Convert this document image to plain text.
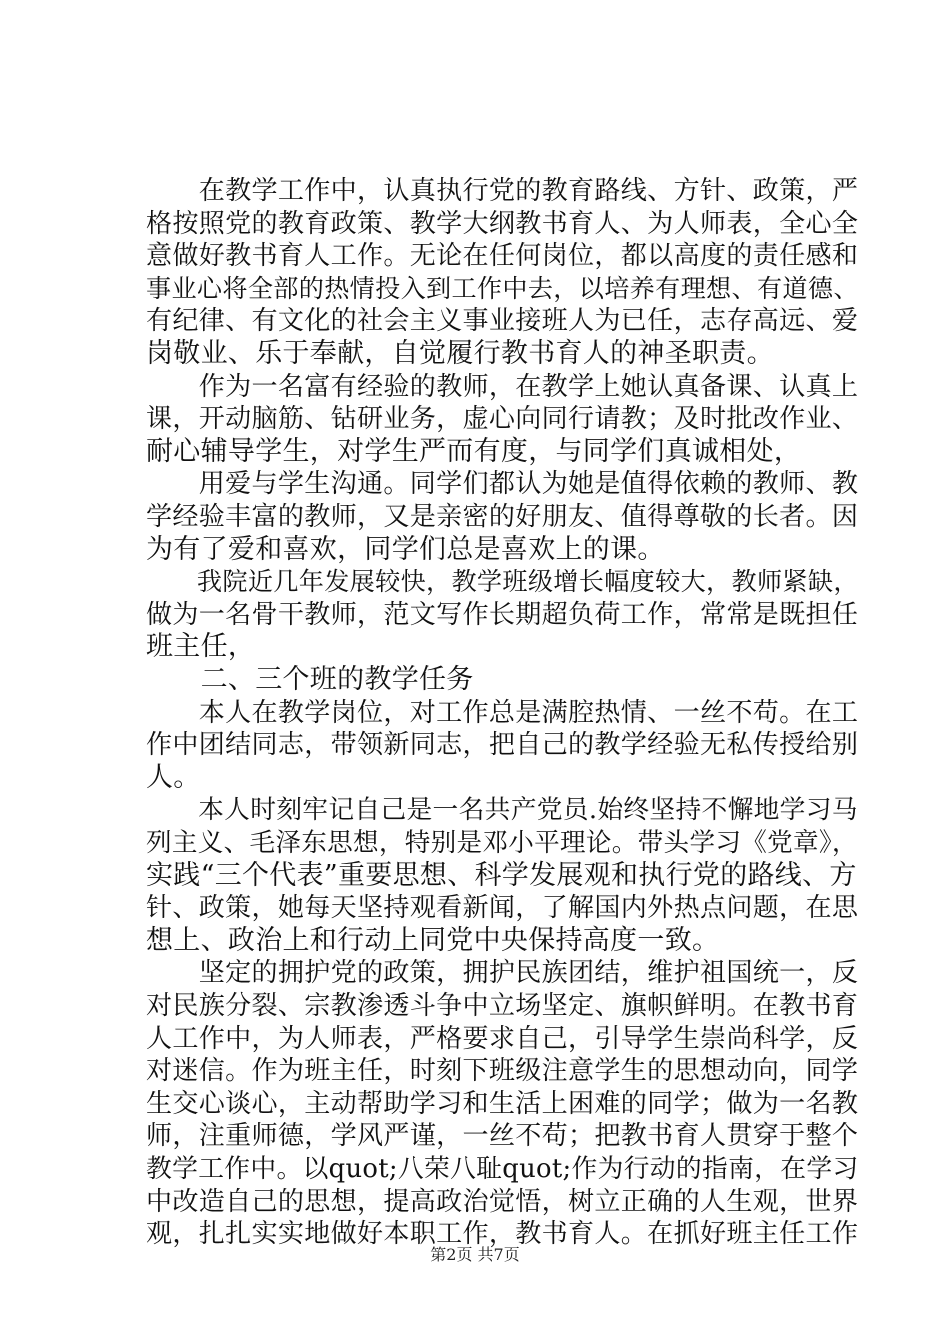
　　在教学工作中，认真执行党的教育路线、方针、政策，严
格按照党的教育政策、教学大纲教书育人、为人师表，全心全
意做好教书育人工作。无论在任何岗位，都以高度的责任感和
事业心将全部的热情投入到工作中去，以培养有理想、有道德、
有纪律、有文化的社会主义事业接班人为已任，志存高远、爱
岗敬业、乐于奉献，自觉履行教书育人的神圣职责。
　　作为一名富有经验的教师，在教学上她认真备课、认真上
课，开动脑筋、钻研业务，虚心向同行请教；及时批改作业、
耐心辅导学生，对学生严而有度，与同学们真诚相处，
　　用爱与学生沟通。同学们都认为她是值得依赖的教师、教
学经验丰富的教师，又是亲密的好朋友、值得尊敬的长者。因
为有了爱和喜欢，同学们总是喜欢上的课。
　　我院近几年发展较快，教学班级增长幅度较大，教师紧缺，
做为一名骨干教师，范文写作长期超负荷工作，常常是既担任
班主任，
　　二、三个班的教学任务
　　本人在教学岗位，对工作总是满腔热情、一丝不苟。在工
作中团结同志，带领新同志，把自己的教学经验无私传授给别
人。
　　本人时刻牢记自己是一名共产党员.始终坚持不懈地学习马
列主义、毛泽东思想，特别是邓小平理论。带头学习《党章》，
实践“三个代表”重要思想、科学发展观和执行党的路线、方
针、政策，她每天坚持观看新闻，了解国内外热点问题，在思
想上、政治上和行动上同党中央保持高度一致。
　　坚定的拥护党的政策，拥护民族团结，维护祖国统一，反
对民族分裂、宗教渗透斗争中立场坚定、旗帜鲜明。在教书育
人工作中，为人师表，严格要求自己，引导学生崇尚科学，反
对迷信。作为班主任，时刻下班级注意学生的思想动向，同学
生交心谈心，主动帮助学习和生活上困难的同学；做为一名教
师，注重师德，学风严谨，一丝不苟；把教书育人贯穿于整个
教学工作中。以quot;八荣八耻quot;作为行动的指南，在学习
中改造自己的思想，提高政治觉悟，树立正确的人生观，世界
观，扎扎实实地做好本职工作，教书育人。在抓好班主任工作
第2页 共7页
